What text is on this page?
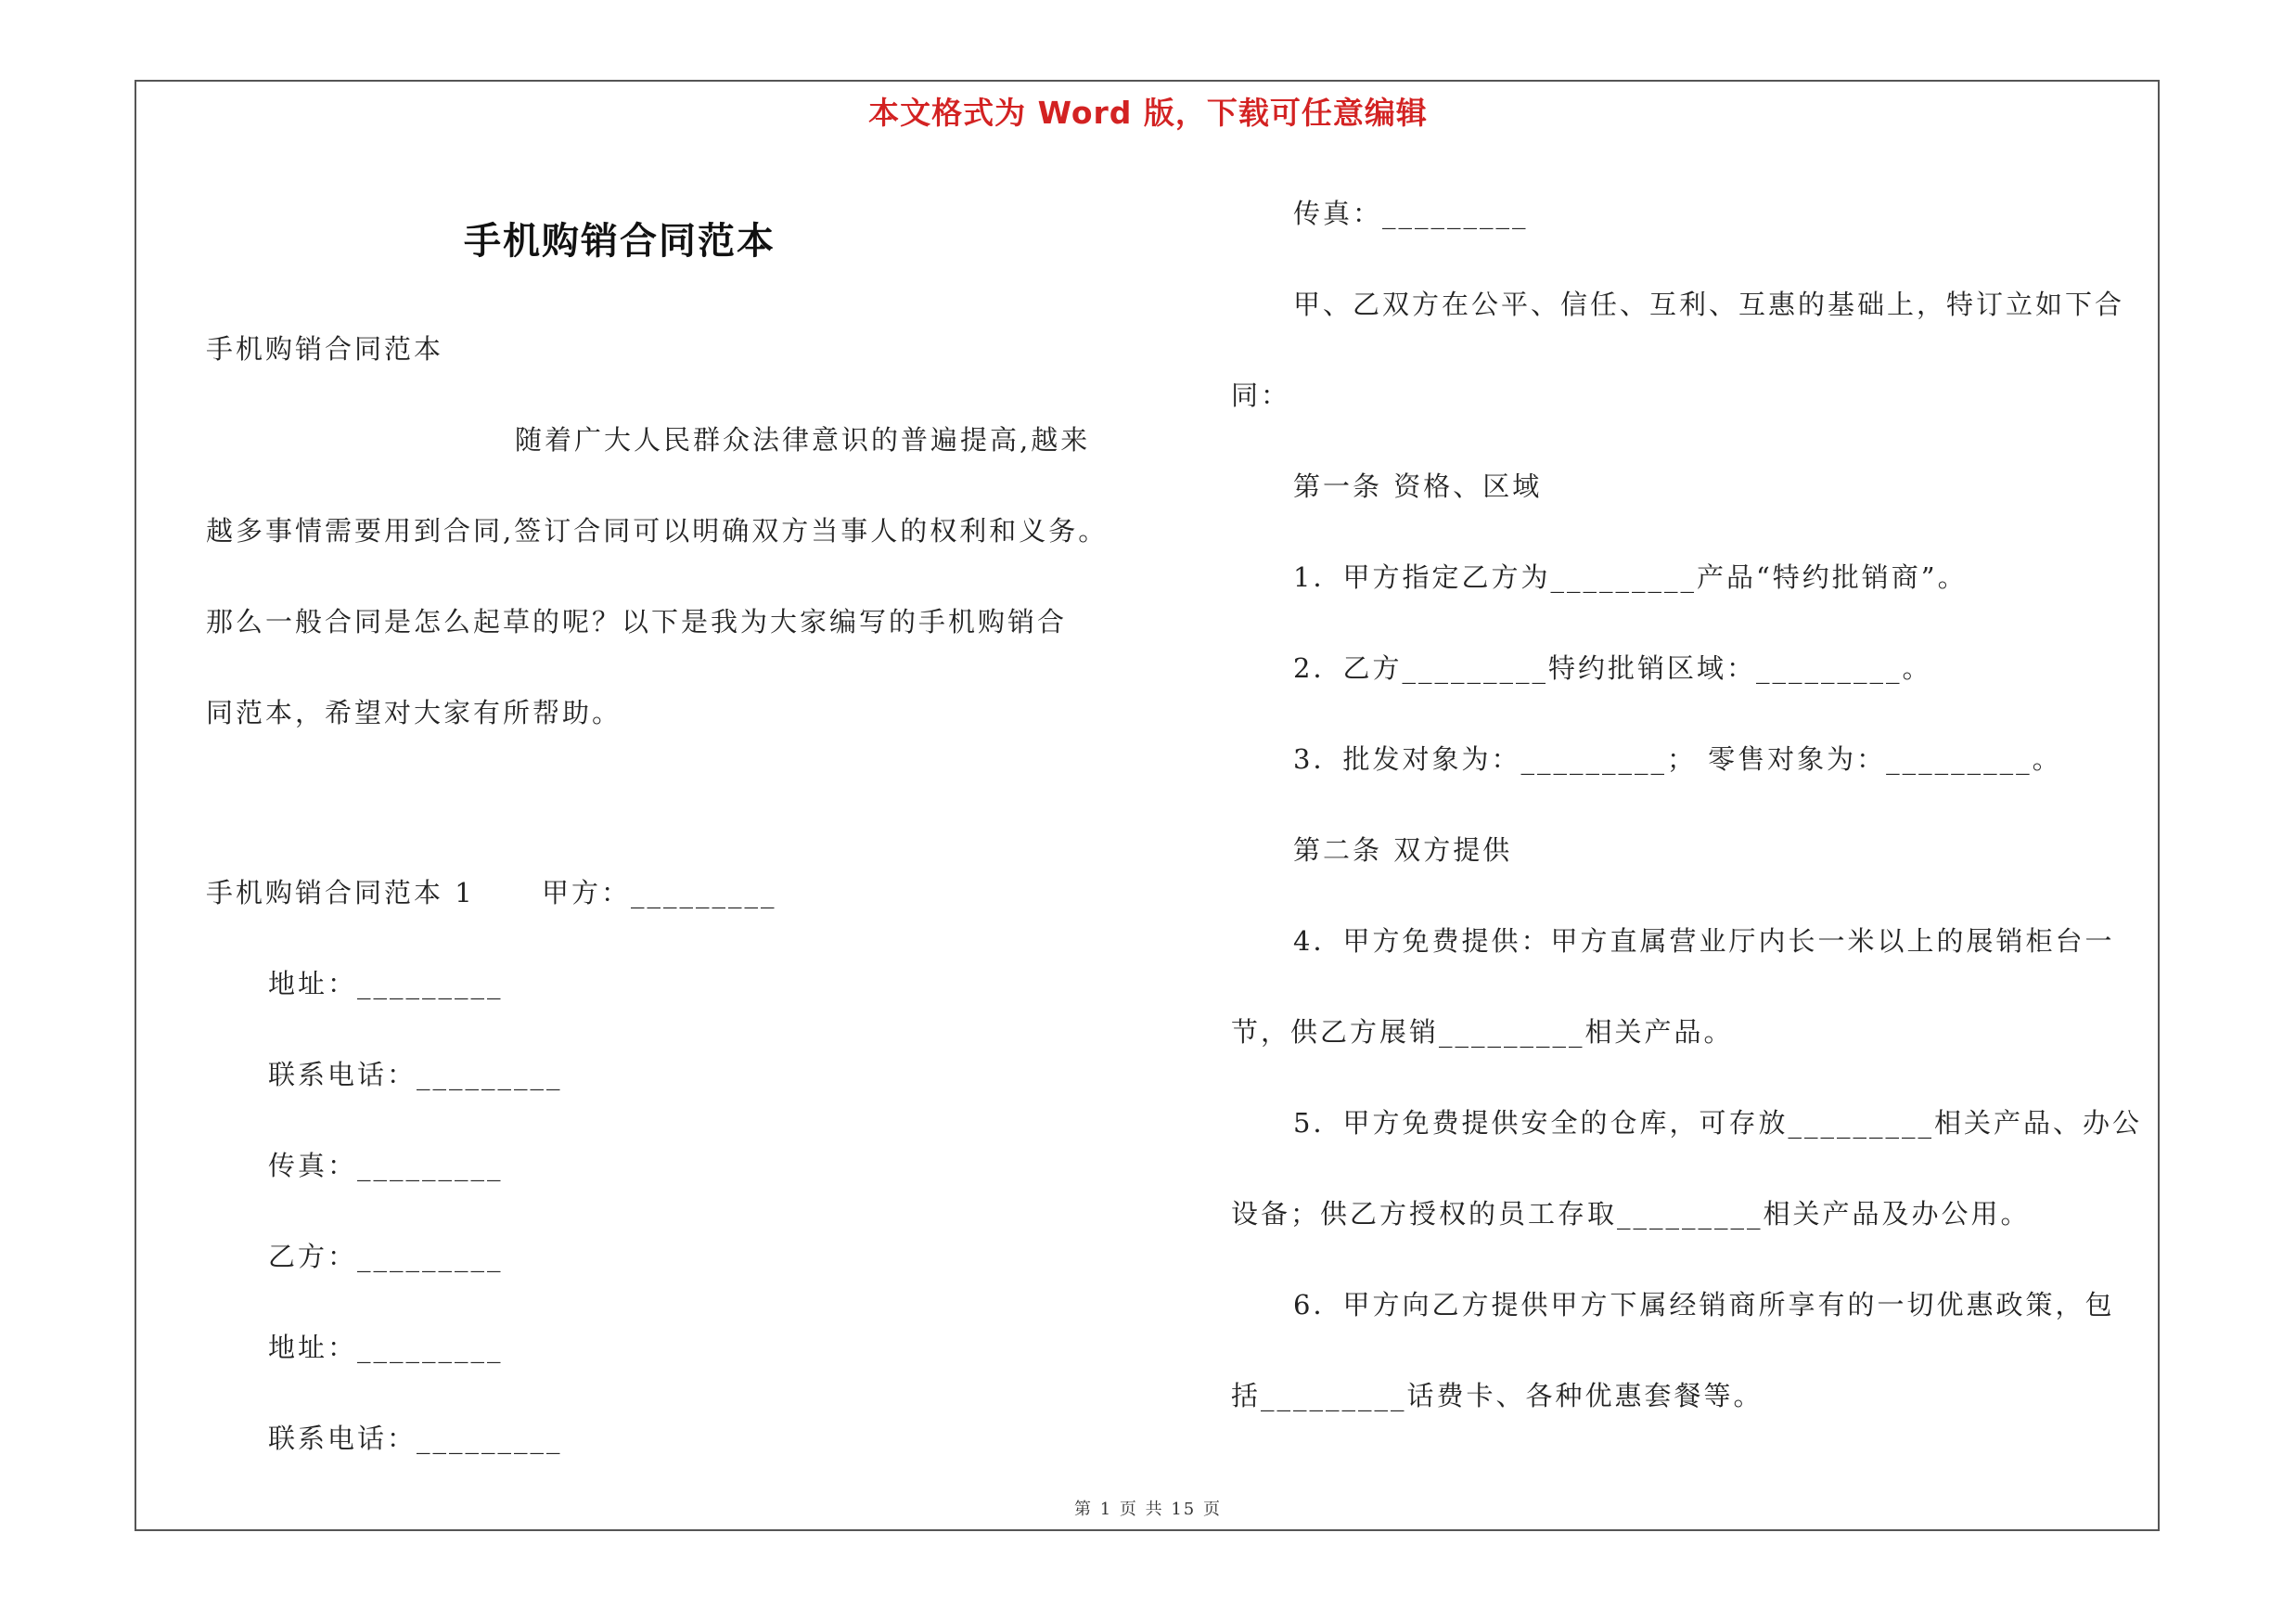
本文格式为 Word 版，下载可任意编辑
手机购销合同范本
手机购销合同范本
随着广大人民群众法律意识的普遍提高,越来
越多事情需要用到合同,签订合同可以明确双方当事人的权利和义务。
那么一般合同是怎么起草的呢？以下是我为大家编写的手机购销合
同范本，希望对大家有所帮助。
手机购销合同范本 1 甲方：_________
地址：_________
联系电话：_________
传真：_________
乙方：_________
地址：_________
联系电话：_________
传真：_________
甲、乙双方在公平、信任、互利、互惠的基础上，特订立如下合
同：
第一条 资格、区域
1．甲方指定乙方为_________产品“特约批销商”。
2．乙方_________特约批销区域：_________。
3．批发对象为：_________； 零售对象为：_________。
第二条 双方提供
4．甲方免费提供：甲方直属营业厅内长一米以上的展销柜台一
节，供乙方展销_________相关产品。
5．甲方免费提供安全的仓库，可存放_________相关产品、办公
设备；供乙方授权的员工存取_________相关产品及办公用。
6．甲方向乙方提供甲方下属经销商所享有的一切优惠政策，包
括_________话费卡、各种优惠套餐等。
第 1 页 共 15 页
